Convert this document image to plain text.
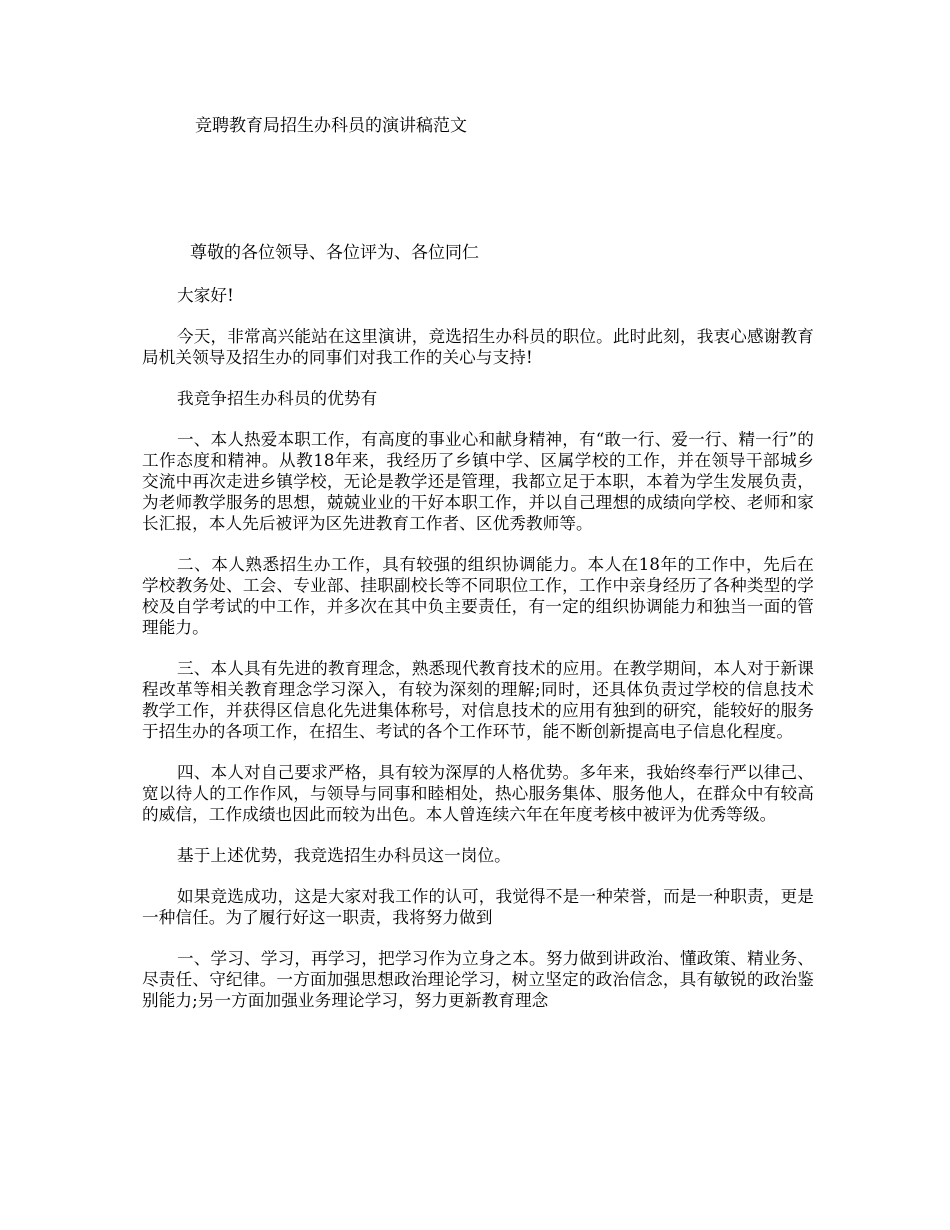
竞聘教育局招生办科员的演讲稿范文
尊敬的各位领导、各位评为、各位同仁

大家好!

今天，非常高兴能站在这里演讲，竞选招生办科员的职位。此时此刻，我衷心感谢教育局机关领导及招生办的同事们对我工作的关心与支持!

我竞争招生办科员的优势有

一、本人热爱本职工作，有高度的事业心和献身精神，有“敢一行、爱一行、精一行”的工作态度和精神。从教18年来，我经历了乡镇中学、区属学校的工作，并在领导干部城乡交流中再次走进乡镇学校，无论是教学还是管理，我都立足于本职，本着为学生发展负责，为老师教学服务的思想，兢兢业业的干好本职工作，并以自己理想的成绩向学校、老师和家长汇报，本人先后被评为区先进教育工作者、区优秀教师等。

二、本人熟悉招生办工作，具有较强的组织协调能力。本人在18年的工作中，先后在学校教务处、工会、专业部、挂职副校长等不同职位工作，工作中亲身经历了各种类型的学校及自学考试的中工作，并多次在其中负主要责任，有一定的组织协调能力和独当一面的管理能力。

三、本人具有先进的教育理念，熟悉现代教育技术的应用。在教学期间，本人对于新课程改革等相关教育理念学习深入，有较为深刻的理解;同时，还具体负责过学校的信息技术教学工作，并获得区信息化先进集体称号，对信息技术的应用有独到的研究，能较好的服务于招生办的各项工作，在招生、考试的各个工作环节，能不断创新提高电子信息化程度。

四、本人对自己要求严格，具有较为深厚的人格优势。多年来，我始终奉行严以律己、宽以待人的工作作风，与领导与同事和睦相处，热心服务集体、服务他人，在群众中有较高的威信，工作成绩也因此而较为出色。本人曾连续六年在年度考核中被评为优秀等级。

基于上述优势，我竞选招生办科员这一岗位。

如果竞选成功，这是大家对我工作的认可，我觉得不是一种荣誉，而是一种职责，更是一种信任。为了履行好这一职责，我将努力做到

一、学习、学习，再学习，把学习作为立身之本。努力做到讲政治、懂政策、精业务、尽责任、守纪律。一方面加强思想政治理论学习，树立坚定的政治信念，具有敏锐的政治鉴别能力;另一方面加强业务理论学习，努力更新教育理念
